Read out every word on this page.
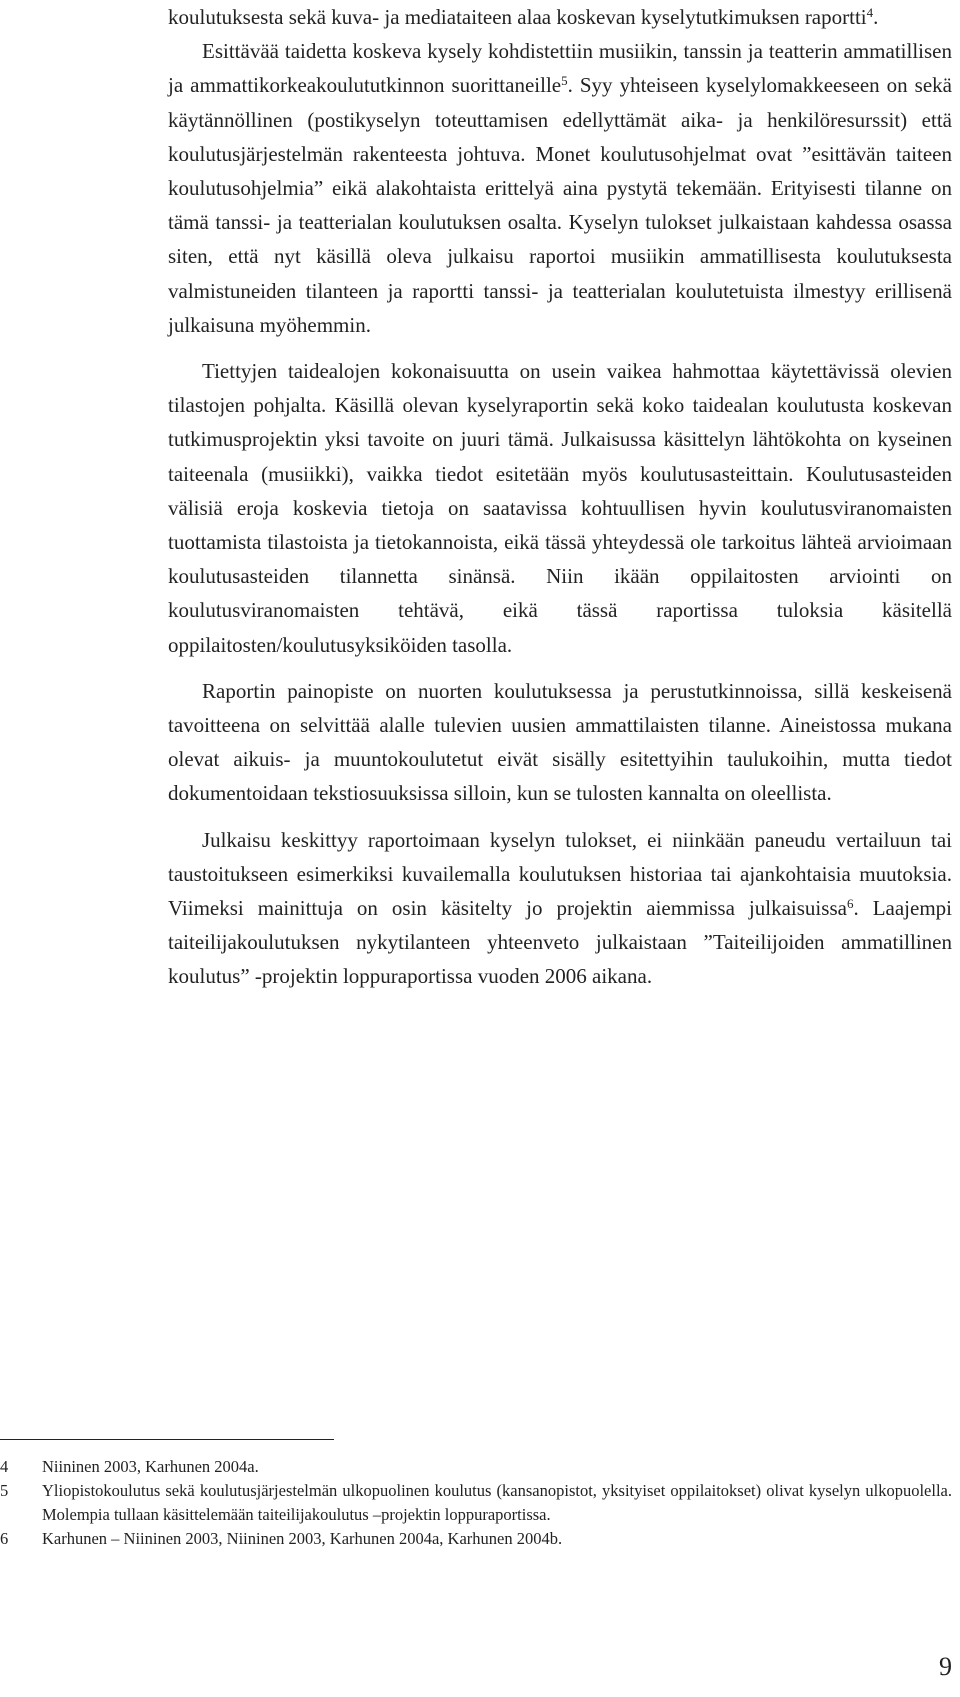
koulutuksesta sekä kuva- ja mediataiteen alaa koskevan kyselytutkimuksen raportti$^4$.

Esittävää taidetta koskeva kysely kohdistettiin musiikin, tanssin ja teatterin ammatillisen ja ammattikorkeakoulututkinnon suorittaneille$^5$. Syy yhteiseen kyselylomakkeeseen on sekä käytännöllinen (postikyselyn toteuttamisen edellyttämät aika- ja henkilöresurssit) että koulutusjärjestelmän rakenteesta johtuva. Monet koulutusohjelmat ovat ”esittävän taiteen koulutusohjelmia” eikä alakohtaista erittelyä aina pystytä tekemään. Erityisesti tilanne on tämä tanssi- ja teatterialan koulutuksen osalta. Kyselyn tulokset julkaistaan kahdessa osassa siten, että nyt käsillä oleva julkaisu raportoi musiikin ammatillisesta koulutuksesta valmistuneiden tilanteen ja raportti tanssi- ja teatterialan koulutetuista ilmestyy erillisenä julkaisuna myöhemmin.

Tiettyjen taidealojen kokonaisuutta on usein vaikea hahmottaa käytettävissä olevien tilastojen pohjalta. Käsillä olevan kyselyraportin sekä koko taidealan koulutusta koskevan tutkimusprojektin yksi tavoite on juuri tämä. Julkaisussa käsittelyn lähtökohta on kyseinen taiteenala (musiikki), vaikka tiedot esitetään myös koulutusasteittain. Koulutusasteiden välisiä eroja koskevia tietoja on saatavissa kohtuullisen hyvin koulutusviranomaisten tuottamista tilastoista ja tietokannoista, eikä tässä yhteydessä ole tarkoitus lähteä arvioimaan koulutusasteiden tilannetta sinänsä. Niin ikään oppilaitosten arviointi on koulutusviranomaisten tehtävä, eikä tässä raportissa tuloksia käsitellä oppilaitosten/koulutusyksiköiden tasolla.

Raportin painopiste on nuorten koulutuksessa ja perustutkinnoissa, sillä keskeisenä tavoitteena on selvittää alalle tulevien uusien ammattilaisten tilanne. Aineistossa mukana olevat aikuis- ja muuntokoulutetut eivät sisälly esitettyihin taulukoihin, mutta tiedot dokumentoidaan tekstiosuuksissa silloin, kun se tulosten kannalta on oleellista.

Julkaisu keskittyy raportoimaan kyselyn tulokset, ei niinkään paneudu vertailuun tai taustoitukseen esimerkiksi kuvailemalla koulutuksen historiaa tai ajankohtaisia muutoksia. Viimeksi mainittuja on osin käsitelty jo projektin aiemmissa julkaisuissa$^6$. Laajempi taiteilijakoulutuksen nykytilanteen yhteenveto julkaistaan ”Taiteilijoiden ammatillinen koulutus” -projektin loppuraportissa vuoden 2006 aikana.

4	Niininen 2003, Karhunen 2004a.
5	Yliopistokoulutus sekä koulutusjärjestelmän ulkopuolinen koulutus (kansanopistot, yksityiset oppilaitokset) olivat kyselyn ulkopuolella. Molempia tullaan käsittelemään taiteilijakoulutus –projektin loppuraportissa.
6	Karhunen – Niininen 2003, Niininen 2003, Karhunen 2004a, Karhunen 2004b.
9
